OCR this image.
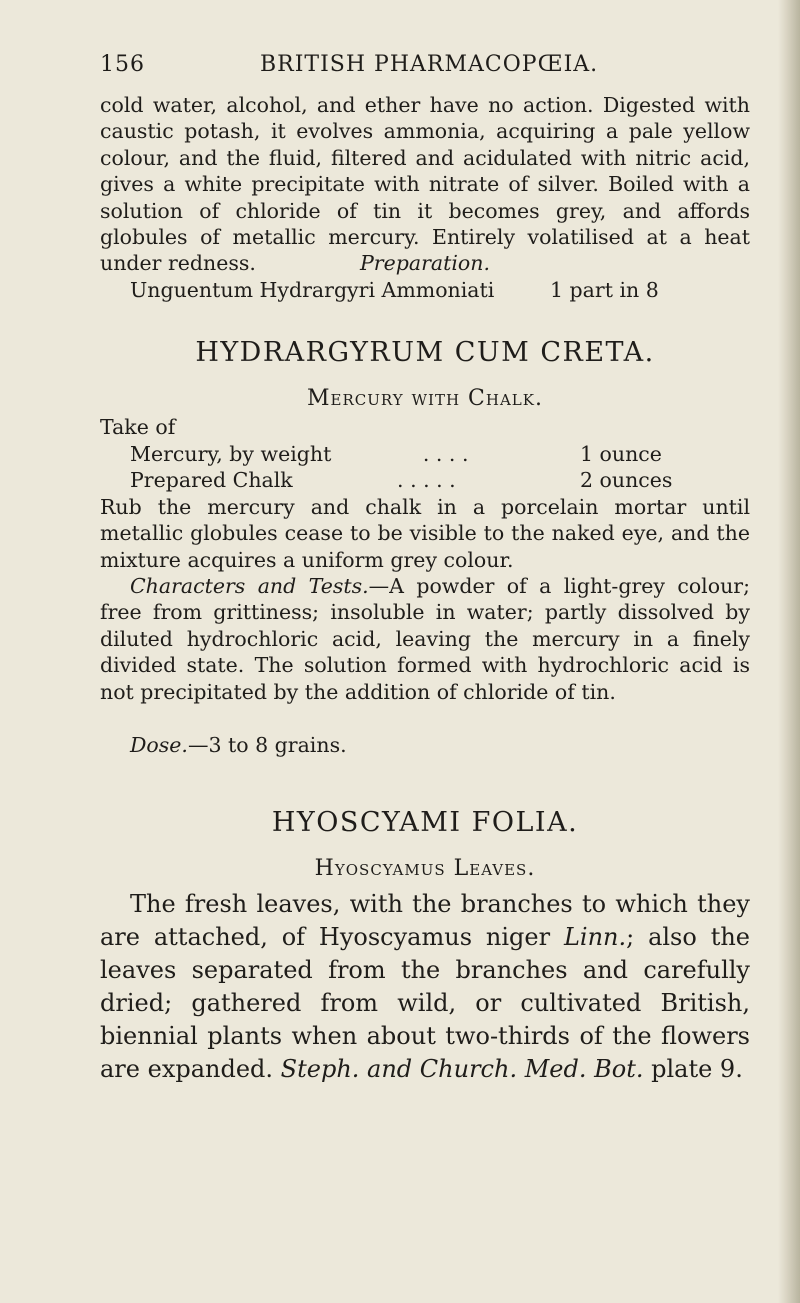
156	BRITISH PHARMACOPŒIA.
cold water, alcohol, and ether have no action. Digested with caustic potash, it evolves ammonia, acquiring a pale yellow colour, and the fluid, filtered and acidulated with nitric acid, gives a white precipitate with nitrate of silver. Boiled with a solution of chloride of tin it becomes grey, and affords globules of metallic mercury. Entirely volatilised at a heat under redness.	Preparation.
Unguentum Hydrargyri Ammoniati	1 part in 8
HYDRARGYRUM CUM CRETA.
Mercury with Chalk.
Take of
Mercury, by weight	. . . .	1 ounce
Prepared Chalk	. . . . .	2 ounces
Rub the mercury and chalk in a porcelain mortar until metallic globules cease to be visible to the naked eye, and the mixture acquires a uniform grey colour.
Characters and Tests.—A powder of a light-grey colour; free from grittiness; insoluble in water; partly dissolved by diluted hydrochloric acid, leaving the mercury in a finely divided state. The solution formed with hydrochloric acid is not precipitated by the addition of chloride of tin.
Dose.—3 to 8 grains.
HYOSCYAMI FOLIA.
Hyoscyamus Leaves.
The fresh leaves, with the branches to which they are attached, of Hyoscyamus niger Linn.; also the leaves separated from the branches and carefully dried; gathered from wild, or cultivated British, biennial plants when about two-thirds of the flowers are expanded. Steph. and Church. Med. Bot. plate 9.
